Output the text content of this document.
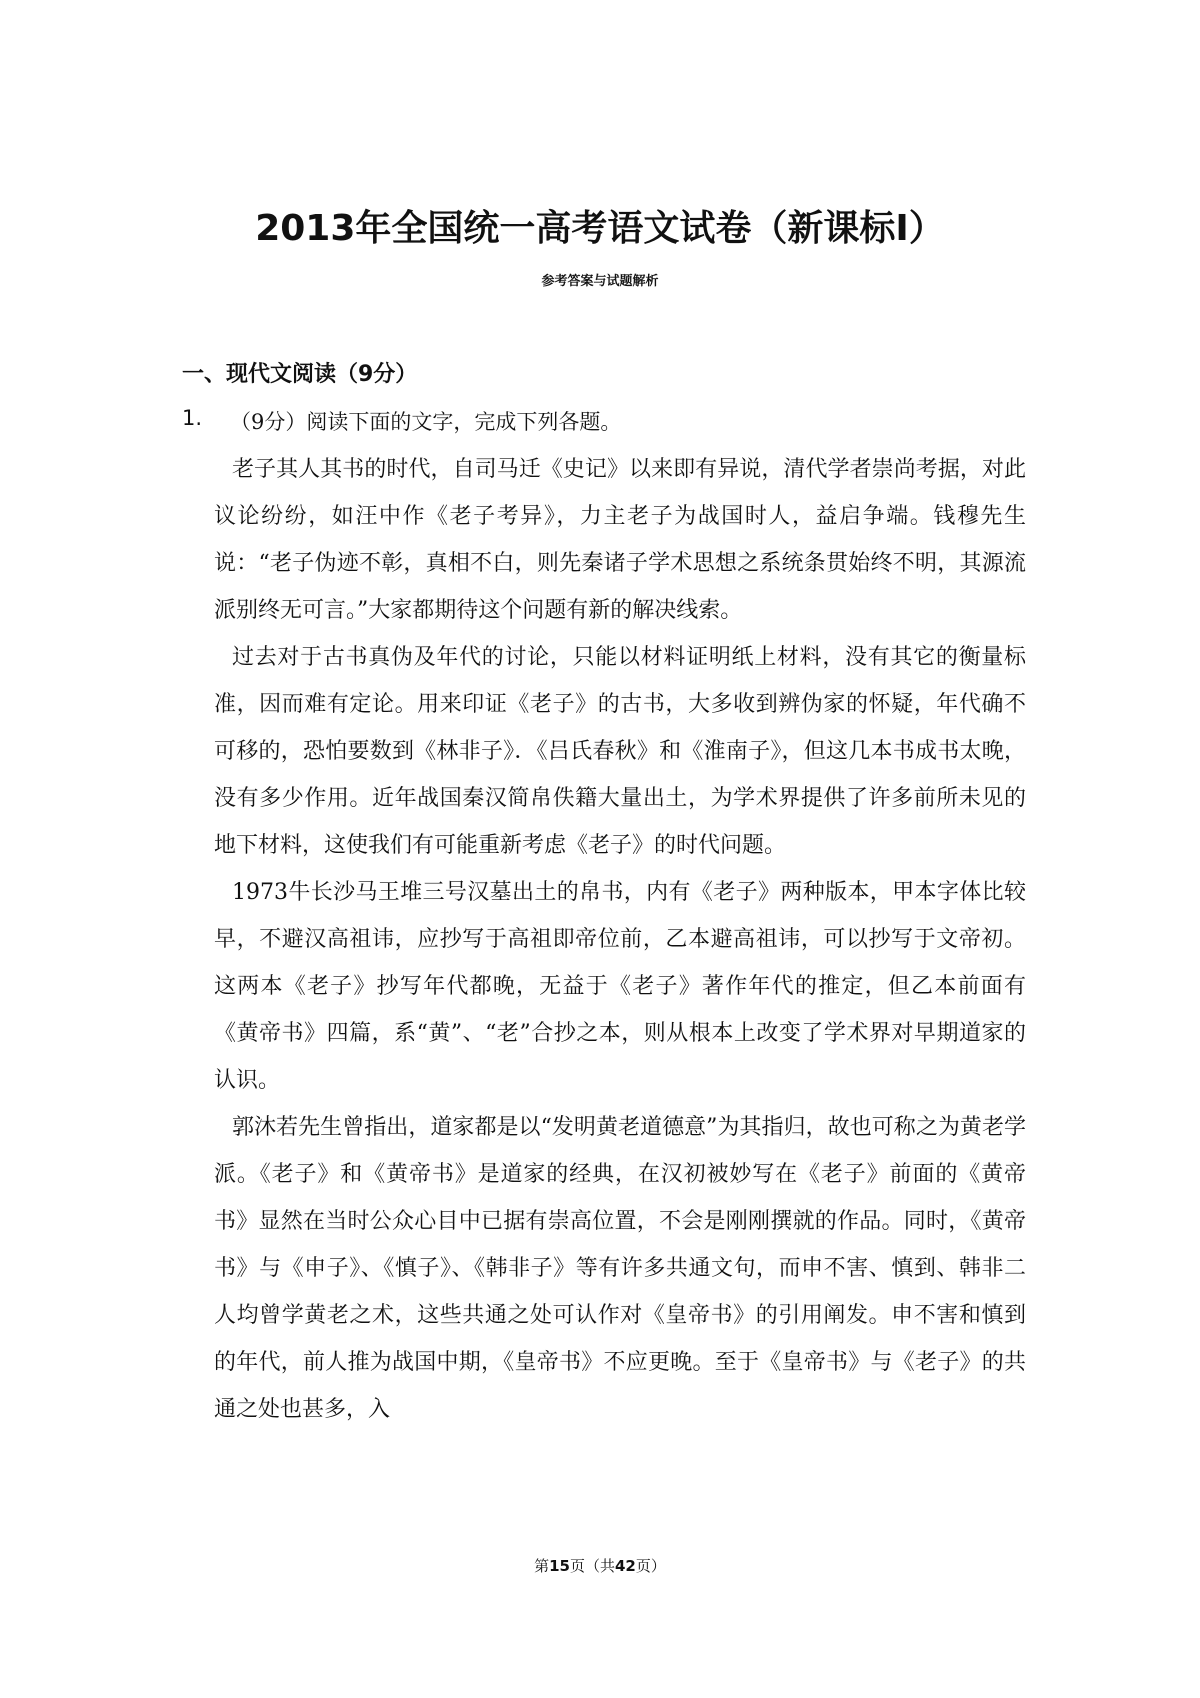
2013年全国统一高考语文试卷（新课标Ⅰ）
参考答案与试题解析
一、现代文阅读（9分）
1.	（9分）阅读下面的文字，完成下列各题。

老子其人其书的时代，自司马迁《史记》以来即有异说，清代学者崇尚考据，对此议论纷纷，如汪中作《老子考异》，力主老子为战国时人，益启争端。钱穆先生说：“老子伪迹不彰，真相不白，则先秦诸子学术思想之系统条贯始终不明，其源流派别终无可言。”大家都期待这个问题有新的解决线索。

过去对于古书真伪及年代的讨论，只能以材料证明纸上材料，没有其它的衡量标准，因而难有定论。用来印证《老子》的古书，大多收到辨伪家的怀疑，年代确不可移的，恐怕要数到《林非子》．《吕氏春秋》和《淮南子》，但这几本书成书太晚，没有多少作用。近年战国秦汉简帛佚籍大量出土，为学术界提供了许多前所未见的地下材料，这使我们有可能重新考虑《老子》的时代问题。

1973牛长沙马王堆三号汉墓出土的帛书，内有《老子》两种版本，甲本字体比较早，不避汉高祖讳，应抄写于高祖即帝位前，乙本避高祖讳，可以抄写于文帝初。这两本《老子》抄写年代都晚，无益于《老子》著作年代的推定，但乙本前面有《黄帝书》四篇，系“黄”、“老”合抄之本，则从根本上改变了学术界对早期道家的认识。

郭沐若先生曾指出，道家都是以“发明黄老道德意”为其指归，故也可称之为黄老学派。《老子》和《黄帝书》是道家的经典，在汉初被妙写在《老子》前面的《黄帝书》显然在当时公众心目中已据有崇高位置，不会是刚刚撰就的作品。同时，《黄帝书》与《申子》、《慎子》、《韩非子》等有许多共通文句，而申不害、慎到、韩非二人均曾学黄老之术，这些共通之处可认作对《皇帝书》的引用阐发。申不害和慎到的年代，前人推为战国中期，《皇帝书》不应更晚。至于《皇帝书》与《老子》的共通之处也甚多，入

第15页（共42页）
